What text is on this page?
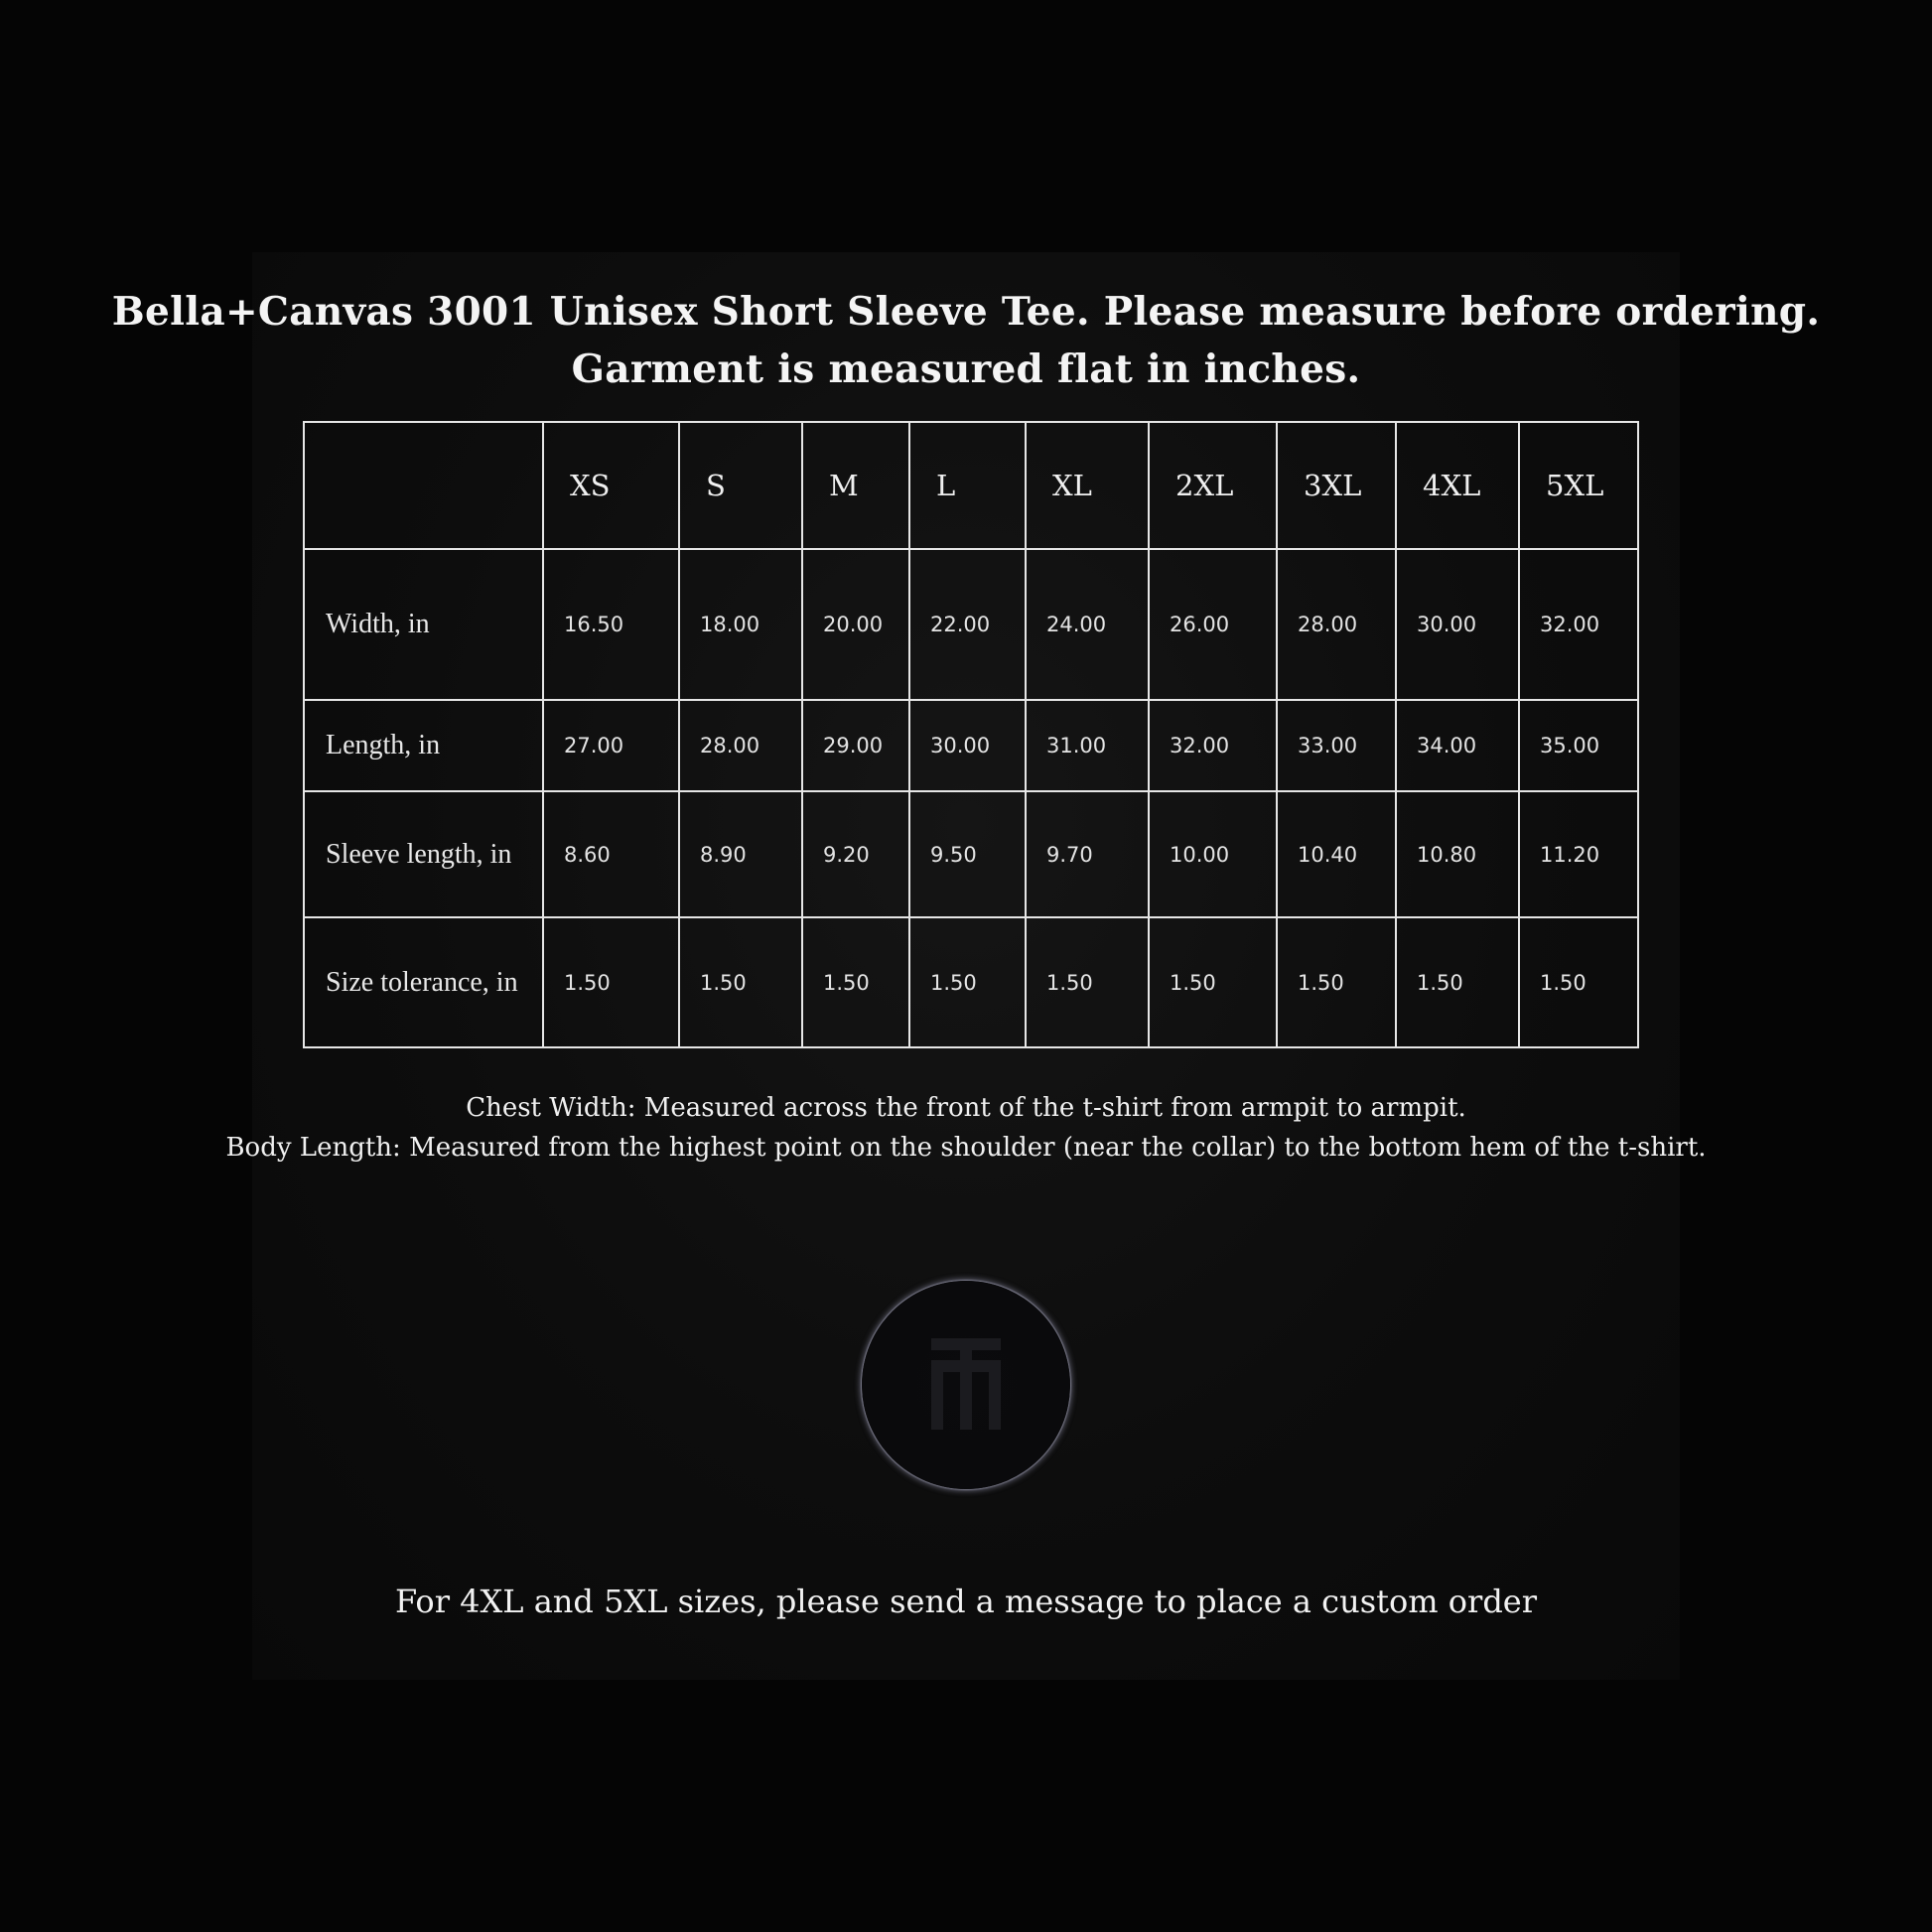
Bella+Canvas 3001 Unisex Short Sleeve Tee. Please measure before ordering.
Garment is measured flat in inches.
	XS	S	M	L	XL	2XL	3XL	4XL	5XL
Width, in	16.50	18.00	20.00	22.00	24.00	26.00	28.00	30.00	32.00
Length, in	27.00	28.00	29.00	30.00	31.00	32.00	33.00	34.00	35.00
Sleeve length, in	8.60	8.90	9.20	9.50	9.70	10.00	10.40	10.80	11.20
Size tolerance, in	1.50	1.50	1.50	1.50	1.50	1.50	1.50	1.50	1.50
Chest Width: Measured across the front of the t-shirt from armpit to armpit.
Body Length: Measured from the highest point on the shoulder (near the collar) to the bottom hem of the t-shirt.
For 4XL and 5XL sizes, please send a message to place a custom order
